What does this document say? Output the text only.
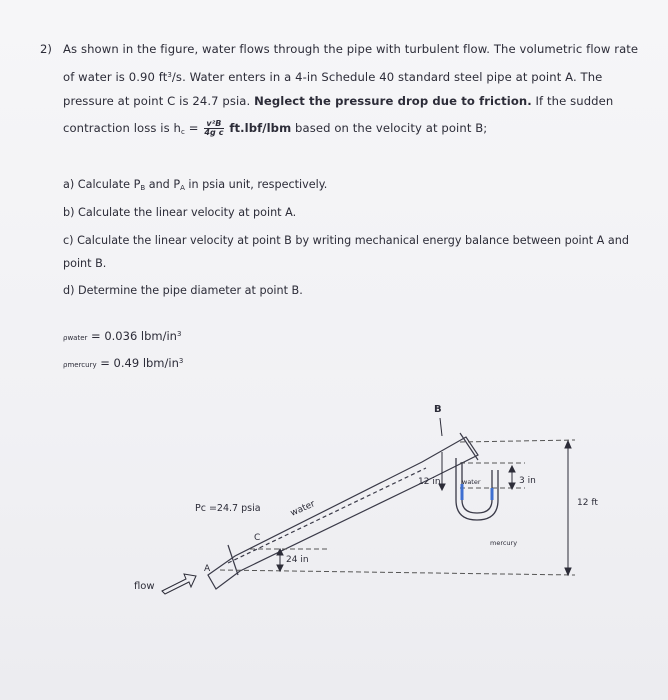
2) As shown in the figure, water flows through the pipe with turbulent flow. The volumetric flow rate
of water is 0.90 $ft^3/s$. Water enters in a 4-in Schedule 40 standard steel pipe at point A. The
pressure at point C is 24.7 psia. Neglect the pressure drop due to friction. If the sudden
contraction loss is $h_c = \frac{\text{v²B}}{\text{4g c}} ft.lbf/lbm$ based on the velocity at point B;
a) Calculate $P_B$ and $P_A$ in psia unit, respectively.
b) Calculate the linear velocity at point A.
c) Calculate the linear velocity at point B by writing mechanical energy balance between point A and
point B.
d) Determine the pipe diameter at point B.
ρwater = 0.036 lbm/$in^3$
ρmercury = 0.49 lbm/$in^3$
B
C
A
Pc =24.7 psia	water
12 in	water	3 in
12 ft
mercury
24 in
flow
